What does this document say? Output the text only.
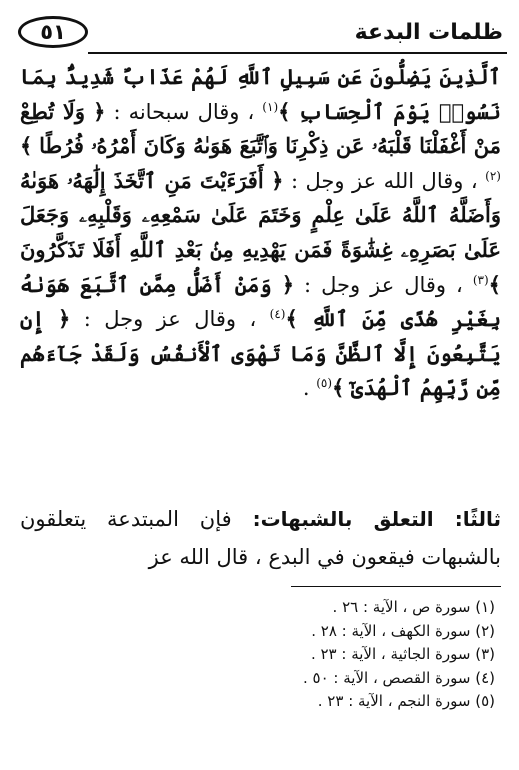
ظلمات البدعة
٥١

ٱلَّذِينَ يَضِلُّونَ عَن سَبِيلِ ٱللَّهِ لَهُمْ عَذَابٌ شَدِيدٌۢ بِمَا نَسُوا۟ يَوْمَ ٱلْحِسَابِ ﴾$^{(١)}$ ، وقال سبحانه : ﴿ وَلَا تُطِعْ مَنْ أَغْفَلْنَا قَلْبَهُۥ عَن ذِكْرِنَا وَٱتَّبَعَ هَوَىٰهُ وَكَانَ أَمْرُهُۥ فُرُطًا ﴾$^{(٢)}$ ، وقال الله عز وجل : ﴿ أَفَرَءَيْتَ مَنِ ٱتَّخَذَ إِلَٰهَهُۥ هَوَىٰهُ وَأَضَلَّهُ ٱللَّهُ عَلَىٰ عِلْمٍ وَخَتَمَ عَلَىٰ سَمْعِهِۦ وَقَلْبِهِۦ وَجَعَلَ عَلَىٰ بَصَرِهِۦ غِشَٰوَةً فَمَن يَهْدِيهِ مِنۢ بَعْدِ ٱللَّهِ أَفَلَا تَذَكَّرُونَ ﴾$^{(٣)}$ ، وقال عز وجل : ﴿ وَمَنْ أَضَلُّ مِمَّنِ ٱتَّبَعَ هَوَىٰهُ بِغَيْرِ هُدًى مِّنَ ٱللَّهِ ﴾$^{(٤)}$ ، وقال عز وجل : ﴿ إِن يَتَّبِعُونَ إِلَّا ٱلظَّنَّ وَمَا تَهْوَى ٱلْأَنفُسُ وَلَقَدْ جَآءَهُم مِّن رَّبِّهِمُ ٱلْهُدَىٰٓ ﴾$^{(٥)}$ .

ثالثًا: التعلق بالشبهات: فإن المبتدعة يتعلقون بالشبهات فيقعون في البدع ، قال الله عز

(١) سورة ص ، الآية : ٢٦ .
(٢) سورة الكهف ، الآية : ٢٨ .
(٣) سورة الجاثية ، الآية : ٢٣ .
(٤) سورة القصص ، الآية : ٥٠ .
(٥) سورة النجم ، الآية : ٢٣ .
